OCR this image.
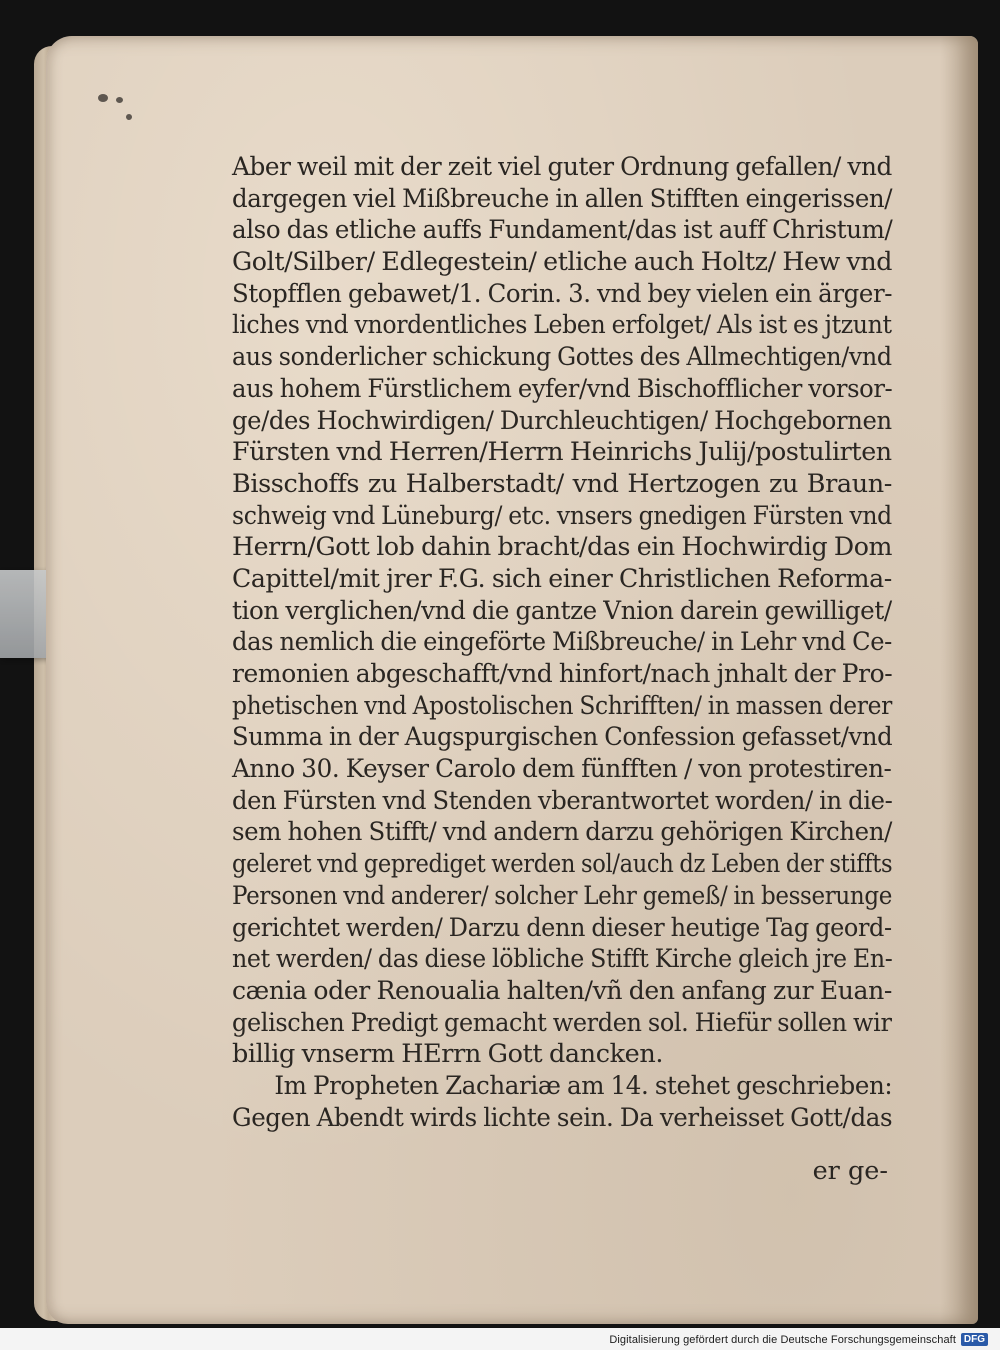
Aber weil mit der zeit viel guter Ordnung gefallen/ vnd
dargegen viel Mißbreuche in allen Stifften eingerissen/
also das etliche auffs Fundament/das ist auff Christum/
Golt/Silber/ Edlegestein/ etliche auch Holtz/ Hew vnd
Stopfflen gebawet/1. Corin. 3. vnd bey vielen ein ärger-
liches vnd vnordentliches Leben erfolget/ Als ist es jtzunt
aus sonderlicher schickung Gottes des Allmechtigen/vnd
aus hohem Fürstlichem eyfer/vnd Bischofflicher vorsor-
ge/des Hochwirdigen/ Durchleuchtigen/ Hochgebornen
Fürsten vnd Herren/Herrn Heinrichs Julij/postulirten
Bisschoffs zu Halberstadt/ vnd Hertzogen zu Braun-
schweig vnd Lüneburg/ etc. vnsers gnedigen Fürsten vnd
Herrn/Gott lob dahin bracht/das ein Hochwirdig Dom
Capittel/mit jrer F.G. sich einer Christlichen Reforma-
tion verglichen/vnd die gantze Vnion darein gewilliget/
das nemlich die eingeförte Mißbreuche/ in Lehr vnd Ce-
remonien abgeschafft/vnd hinfort/nach jnhalt der Pro-
phetischen vnd Apostolischen Schrifften/ in massen derer
Summa in der Augspurgischen Confession gefasset/vnd
Anno 30. Keyser Carolo dem fünfften / von protestiren-
den Fürsten vnd Stenden vberantwortet worden/ in die-
sem hohen Stifft/ vnd andern darzu gehörigen Kirchen/
geleret vnd geprediget werden sol/auch dz Leben der stiffts
Personen vnd anderer/ solcher Lehr gemeß/ in besserunge
gerichtet werden/ Darzu denn dieser heutige Tag geord-
net werden/ das diese löbliche Stifft Kirche gleich jre En-
cænia oder Renoualia halten/vñ den anfang zur Euan-
gelischen Predigt gemacht werden sol. Hiefür sollen wir
billig vnserm HErrn Gott dancken.
Im Propheten Zachariæ am 14. stehet geschrieben:
Gegen Abendt wirds lichte sein. Da verheisset Gott/das
er ge-
Digitalisierung gefördert durch die Deutsche Forschungsgemeinschaft DFG
